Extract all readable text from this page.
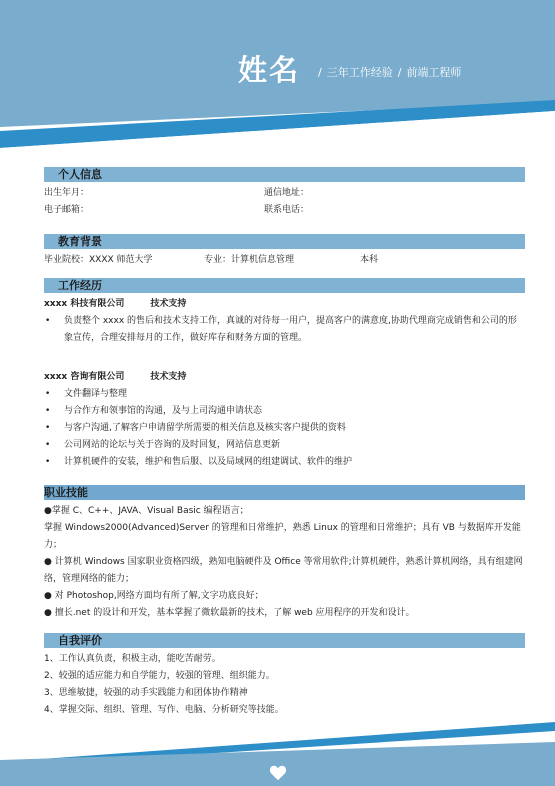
姓名	/ 三年工作经验 / 前端工程师
个人信息
出生年月：	通信地址：
电子邮箱：	联系电话：
教育背景
毕业院校：XXXX 师范大学	专业：计算机信息管理	本科
工作经历
xxxx 科技有限公司	技术支持
• 负责整个 xxxx 的售后和技术支持工作，真诚的对待每一用户，提高客户的满意度,协助代理商完成销售和公司的形象宣传，合理安排每月的工作，做好库存和财务方面的管理。
xxxx 咨询有限公司	技术支持
• 文件翻译与整理
• 与合作方和领事馆的沟通，及与上司沟通申请状态
• 与客户沟通,了解客户申请留学所需要的相关信息及核实客户提供的资料
• 公司网站的论坛与关于咨询的及时回复，网站信息更新
• 计算机硬件的安装，维护和售后服、以及局域网的组建调试、软件的维护
职业技能

●掌握 C、C++、JAVA、Visual Basic 编程语言；

掌握 Windows2000(Advanced)Server 的管理和日常维护，熟悉 Linux 的管理和日常维护；具有 VB 与数据库开发能力；

● 计算机 Windows 国家职业资格四级，熟知电脑硬件及 Office 等常用软件;计算机硬件，熟悉计算机网络，具有组建网络，管理网络的能力；

● 对 Photoshop,网络方面均有所了解,文字功底良好；

● 擅长.net 的设计和开发，基本掌握了微软最新的技术，了解 web 应用程序的开发和设计。

自我评价

1、工作认真负责，积极主动，能吃苦耐劳。

2、较强的适应能力和自学能力，较强的管理、组织能力。

3、思维敏捷，较强的动手实践能力和团体协作精神

4、掌握交际、组织、管理、写作、电脑、分析研究等技能。
